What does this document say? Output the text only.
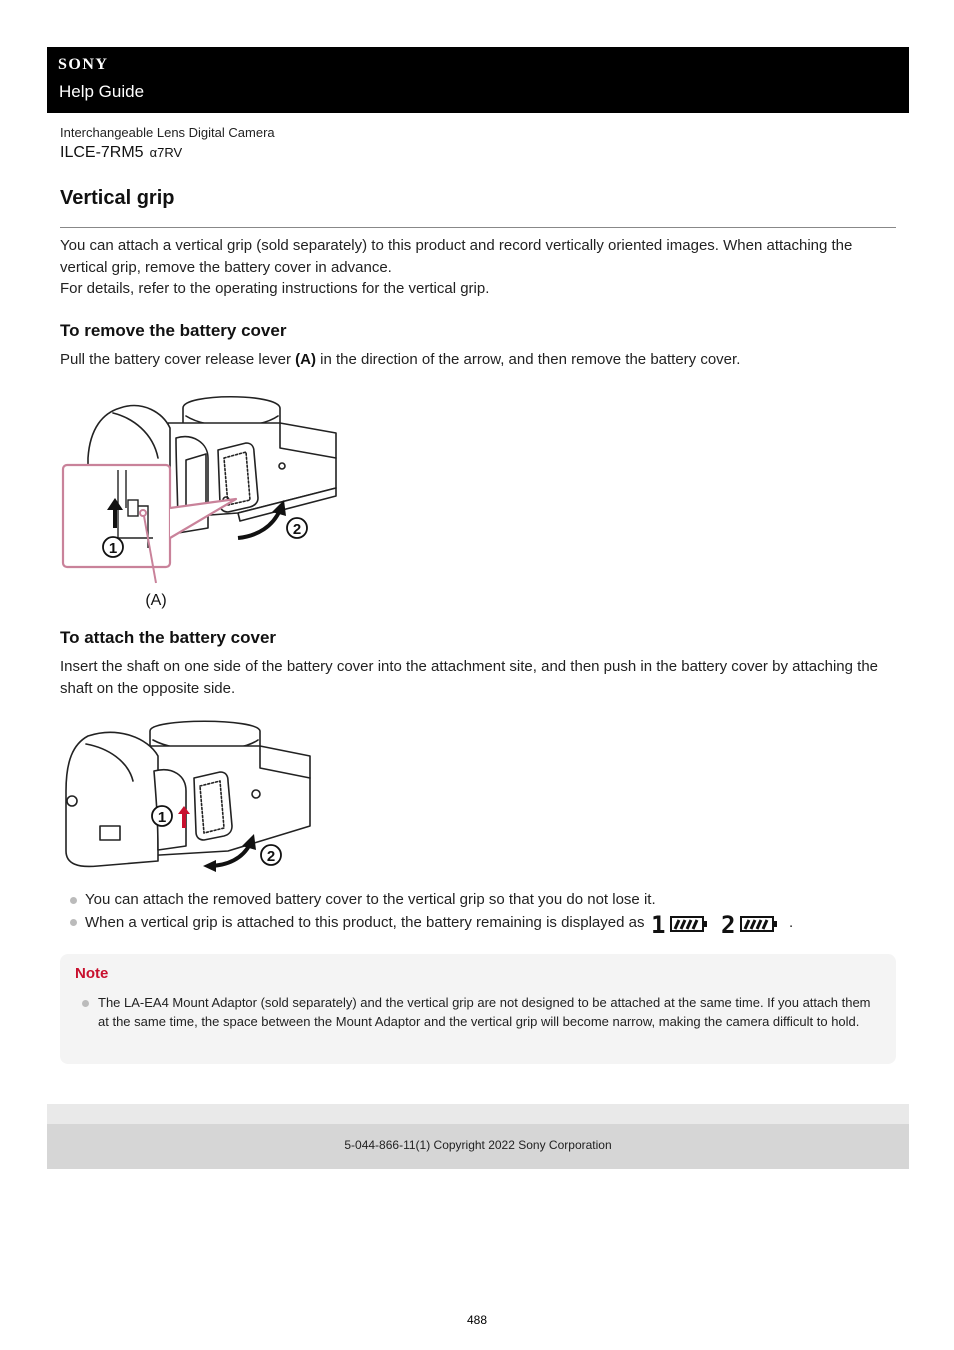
SONY
Help Guide
Interchangeable Lens Digital Camera
ILCE-7RM5 α7RV
Vertical grip

You can attach a vertical grip (sold separately) to this product and record vertically oriented images. When attaching the vertical grip, remove the battery cover in advance.

For details, refer to the operating instructions for the vertical grip.

To remove the battery cover
Pull the battery cover release lever (A) in the direction of the arrow, and then remove the battery cover.
1
2
(A)
To attach the battery cover
Insert the shaft on one side of the battery cover into the attachment site, and then push in the battery cover by attaching the shaft on the opposite side.
1
2
You can attach the removed battery cover to the vertical grip so that you do not lose it.
When a vertical grip is attached to this product, the battery remaining is displayed as 1
2	.
Note
The LA-EA4 Mount Adaptor (sold separately) and the vertical grip are not designed to be attached at the same time. If you attach them at the same time, the space between the Mount Adaptor and the vertical grip will become narrow, making the camera difficult to hold.
5-044-866-11(1) Copyright 2022 Sony Corporation
488
